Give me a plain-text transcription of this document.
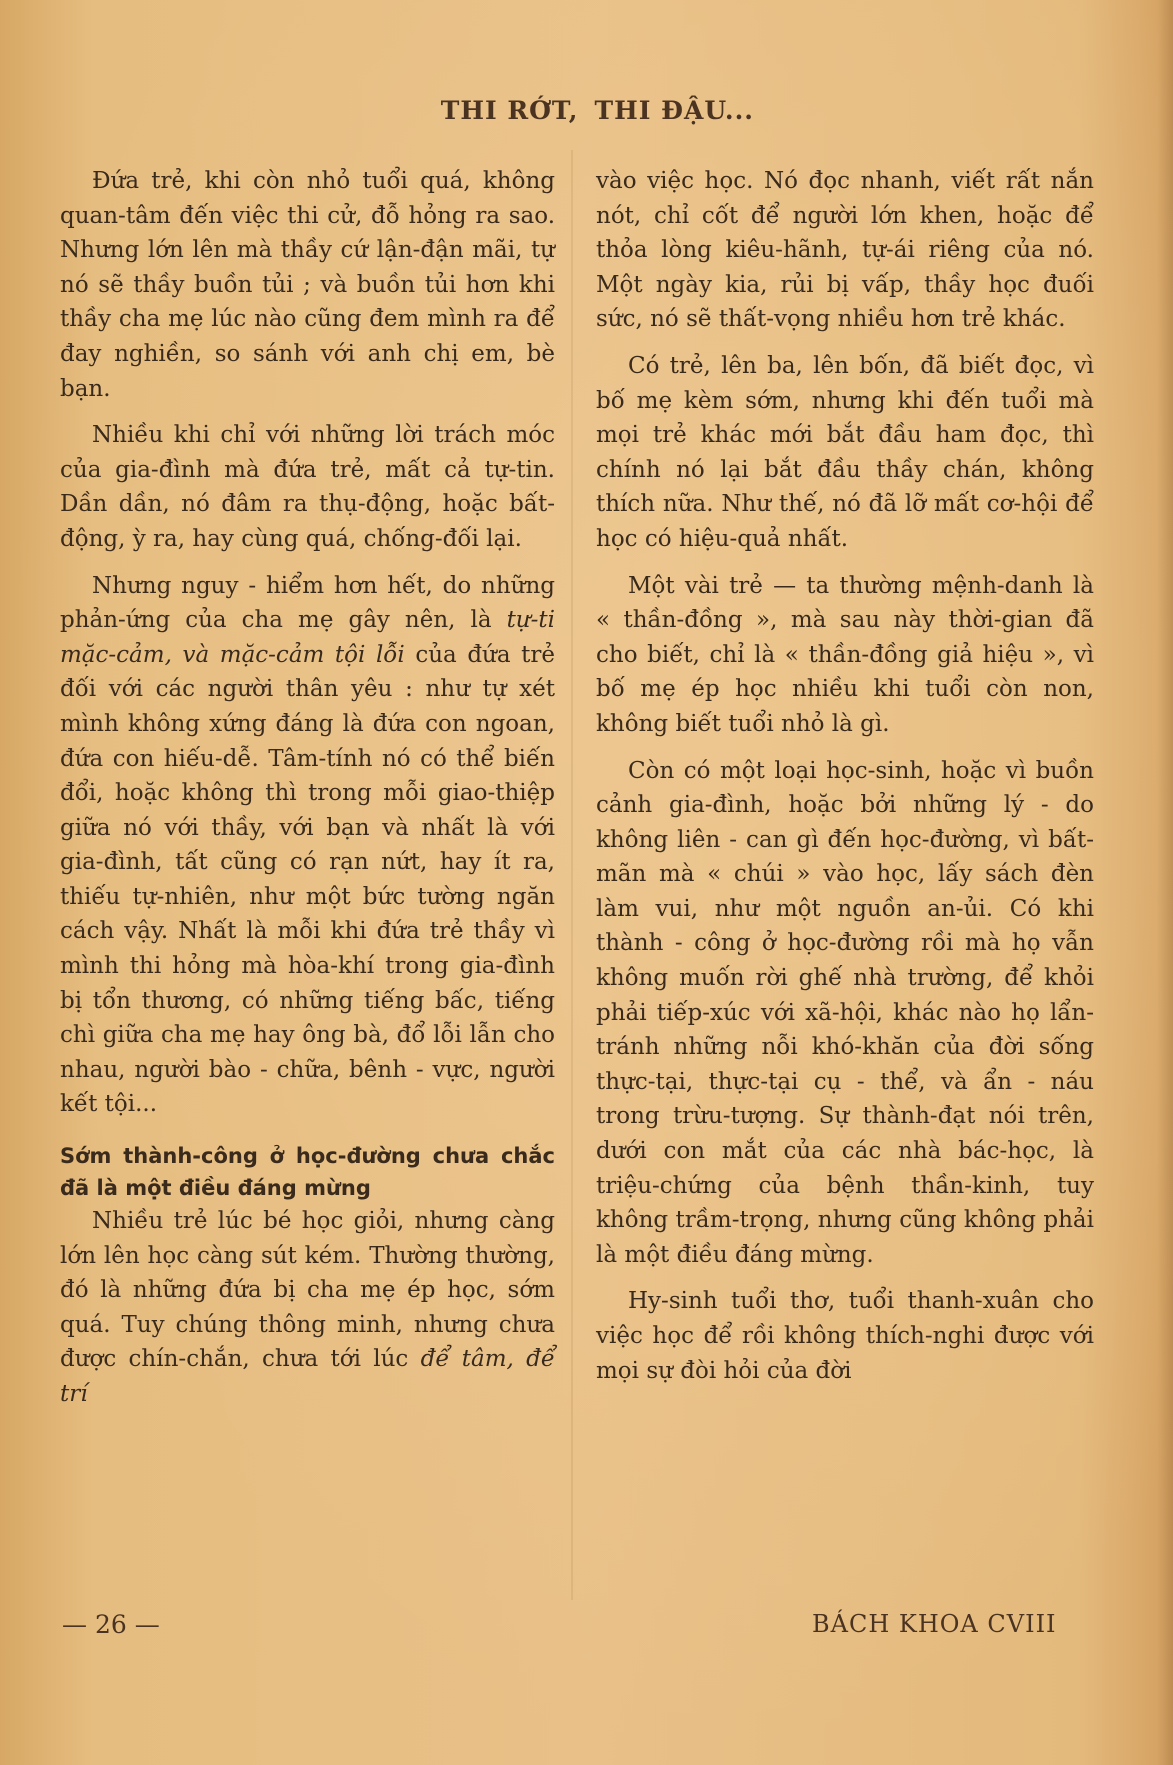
THI RỚT, THI ĐẬU...

Đứa trẻ, khi còn nhỏ tuổi quá, không quan-tâm đến việc thi cử, đỗ hỏng ra sao. Nhưng lớn lên mà thầy cứ lận-đận mãi, tự nó sẽ thầy buồn tủi ; và buồn tủi hơn khi thầy cha mẹ lúc nào cũng đem mình ra để đay nghiền, so sánh với anh chị em, bè bạn.

Nhiều khi chỉ với những lời trách móc của gia-đình mà đứa trẻ, mất cả tự-tin. Dần dần, nó đâm ra thụ-động, hoặc bất-động, ỳ ra, hay cùng quá, chống-đối lại.

Nhưng nguy - hiểm hơn hết, do những phản-ứng của cha mẹ gây nên, là tự-ti mặc-cảm, và mặc-cảm tội lỗi của đứa trẻ đối với các người thân yêu : như tự xét mình không xứng đáng là đứa con ngoan, đứa con hiếu-dễ. Tâm-tính nó có thể biến đổi, hoặc không thì trong mỗi giao-thiệp giữa nó với thầy, với bạn và nhất là với gia-đình, tất cũng có rạn nứt, hay ít ra, thiếu tự-nhiên, như một bức tường ngăn cách vậy. Nhất là mỗi khi đứa trẻ thầy vì mình thi hỏng mà hòa-khí trong gia-đình bị tổn thương, có những tiếng bấc, tiếng chì giữa cha mẹ hay ông bà, đổ lỗi lẫn cho nhau, người bào - chữa, bênh - vực, người kết tội...

Sớm thành-công ở học-đường chưa chắc đã là một điều đáng mừng

Nhiều trẻ lúc bé học giỏi, nhưng càng lớn lên học càng sút kém. Thường thường, đó là những đứa bị cha mẹ ép học, sớm quá. Tuy chúng thông minh, nhưng chưa được chín-chắn, chưa tới lúc để tâm, để trí

vào việc học. Nó đọc nhanh, viết rất nắn nót, chỉ cốt để người lớn khen, hoặc để thỏa lòng kiêu-hãnh, tự-ái riêng của nó. Một ngày kia, rủi bị vấp, thầy học đuối sức, nó sẽ thất-vọng nhiều hơn trẻ khác.

Có trẻ, lên ba, lên bốn, đã biết đọc, vì bố mẹ kèm sớm, nhưng khi đến tuổi mà mọi trẻ khác mới bắt đầu ham đọc, thì chính nó lại bắt đầu thầy chán, không thích nữa. Như thế, nó đã lỡ mất cơ-hội để học có hiệu-quả nhất.

Một vài trẻ — ta thường mệnh-danh là « thần-đồng », mà sau này thời-gian đã cho biết, chỉ là « thần-đồng giả hiệu », vì bố mẹ ép học nhiều khi tuổi còn non, không biết tuổi nhỏ là gì.

Còn có một loại học-sinh, hoặc vì buồn cảnh gia-đình, hoặc bởi những lý - do không liên - can gì đến học-đường, vì bất-mãn mà « chúi » vào học, lấy sách đèn làm vui, như một nguồn an-ủi. Có khi thành - công ở học-đường rồi mà họ vẫn không muốn rời ghế nhà trường, để khỏi phải tiếp-xúc với xã-hội, khác nào họ lẩn-tránh những nỗi khó-khăn của đời sống thực-tại, thực-tại cụ - thể, và ẩn - náu trong trừu-tượng. Sự thành-đạt nói trên, dưới con mắt của các nhà bác-học, là triệu-chứng của bệnh thần-kinh, tuy không trầm-trọng, nhưng cũng không phải là một điều đáng mừng.

Hy-sinh tuổi thơ, tuổi thanh-xuân cho việc học để rồi không thích-nghi được với mọi sự đòi hỏi của đời

— 26 —	BÁCH KHOA CVIII
